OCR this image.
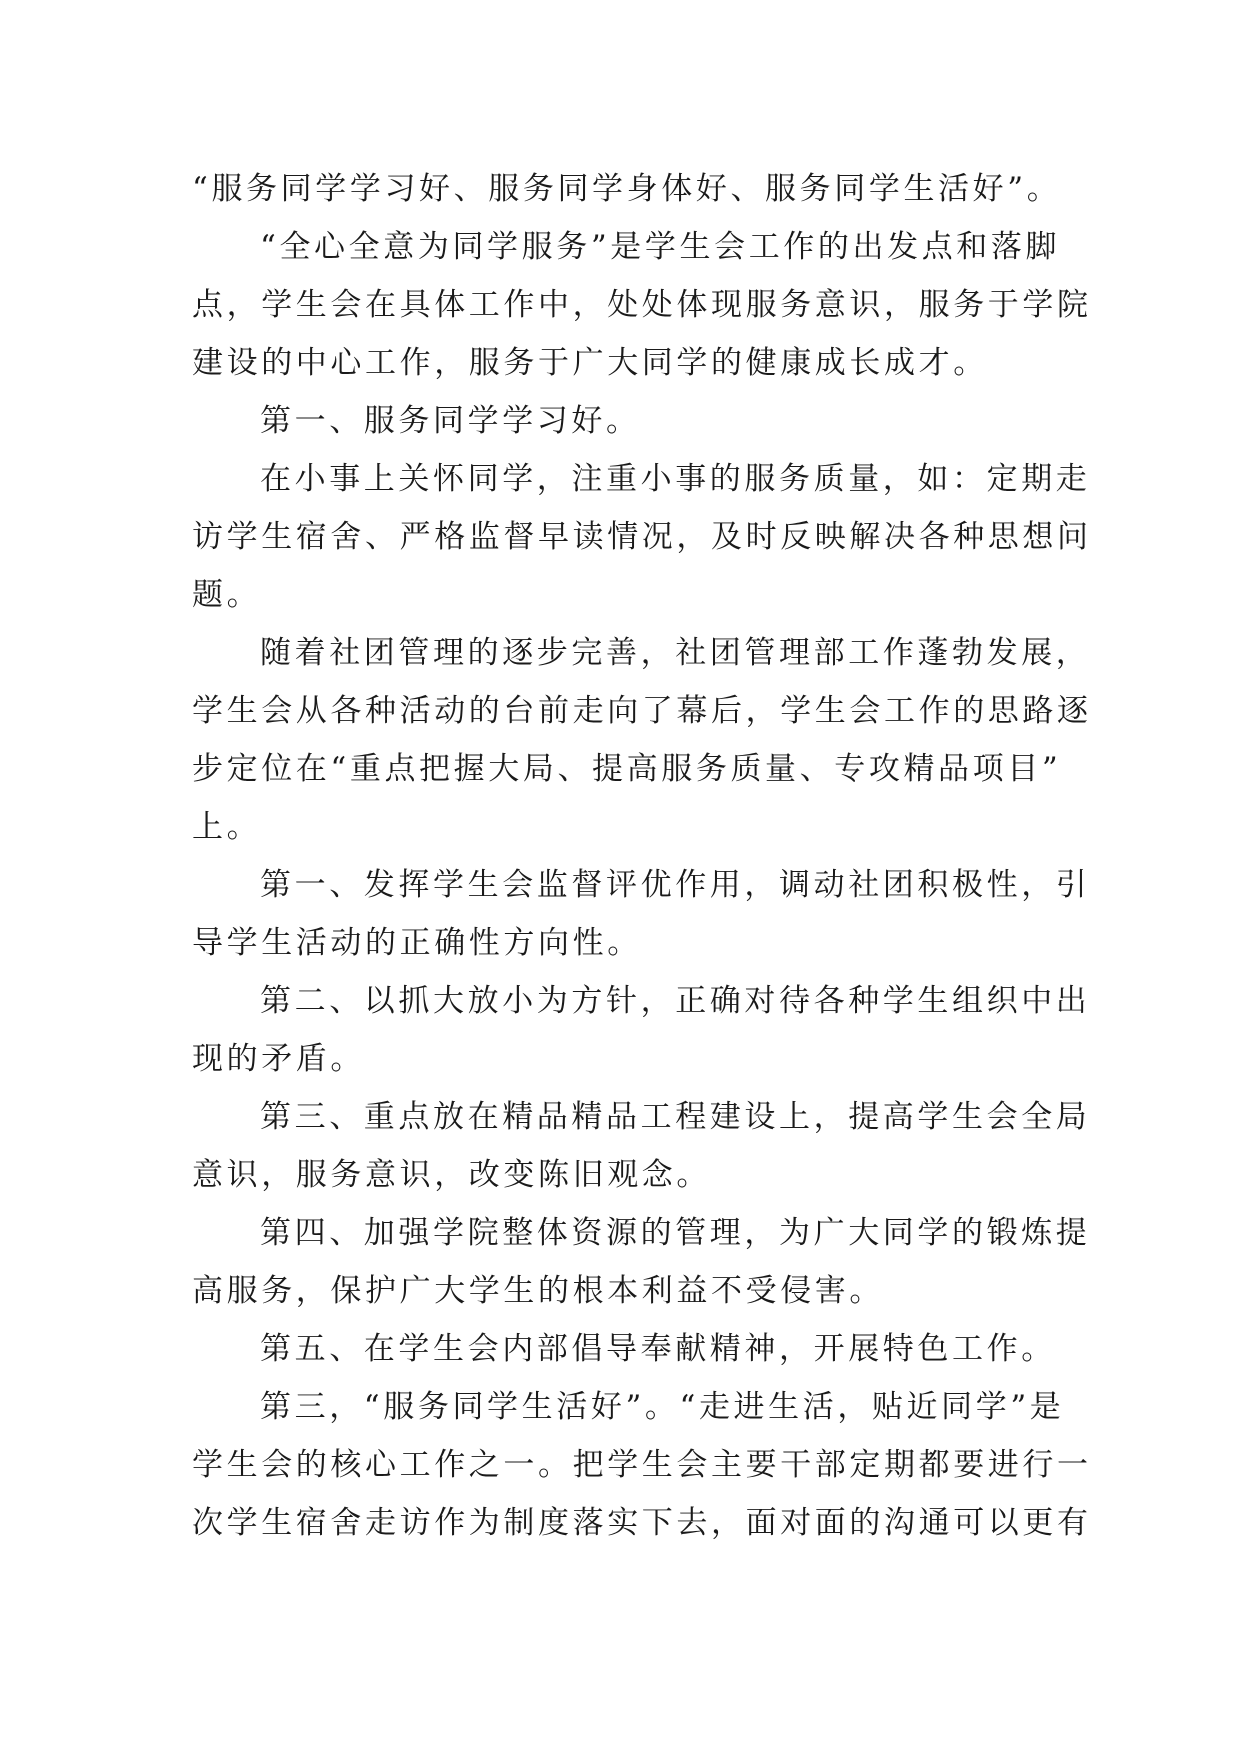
“服务同学学习好、服务同学身体好、服务同学生活好”。

“全心全意为同学服务”是学生会工作的出发点和落脚
点，学生会在具体工作中，处处体现服务意识，服务于学院
建设的中心工作，服务于广大同学的健康成长成才。

第一、服务同学学习好。

在小事上关怀同学，注重小事的服务质量，如：定期走
访学生宿舍、严格监督早读情况，及时反映解决各种思想问
题。

随着社团管理的逐步完善，社团管理部工作蓬勃发展，
学生会从各种活动的台前走向了幕后，学生会工作的思路逐
步定位在“重点把握大局、提高服务质量、专攻精品项目”
上。

第一、发挥学生会监督评优作用，调动社团积极性，引
导学生活动的正确性方向性。

第二、以抓大放小为方针，正确对待各种学生组织中出
现的矛盾。

第三、重点放在精品精品工程建设上，提高学生会全局
意识，服务意识，改变陈旧观念。

第四、加强学院整体资源的管理，为广大同学的锻炼提
高服务，保护广大学生的根本利益不受侵害。

第五、在学生会内部倡导奉献精神，开展特色工作。

第三，“服务同学生活好”。“走进生活，贴近同学”是
学生会的核心工作之一。把学生会主要干部定期都要进行一
次学生宿舍走访作为制度落实下去，面对面的沟通可以更有
